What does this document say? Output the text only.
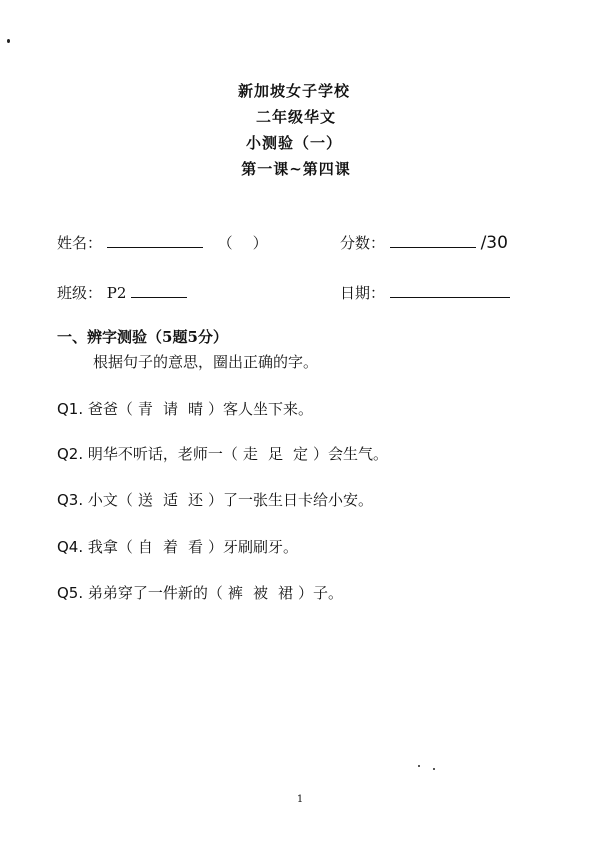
新加坡女子学校
二年级华文
小测验（一）
第一课~第四课
姓名：	（ ）	分数：	/30
班级： P2	日期：
一、辨字测验（5题5分）
根据句子的意思，圈出正确的字。
Q1. 爸爸（ 青 请 晴 ）客人坐下来。
Q2. 明华不听话，老师一（ 走 足 定 ）会生气。
Q3. 小文（ 送 适 还 ）了一张生日卡给小安。
Q4. 我拿（ 自 着 看 ）牙刷刷牙。
Q5. 弟弟穿了一件新的（ 裤 被 裙 ）子。
1
